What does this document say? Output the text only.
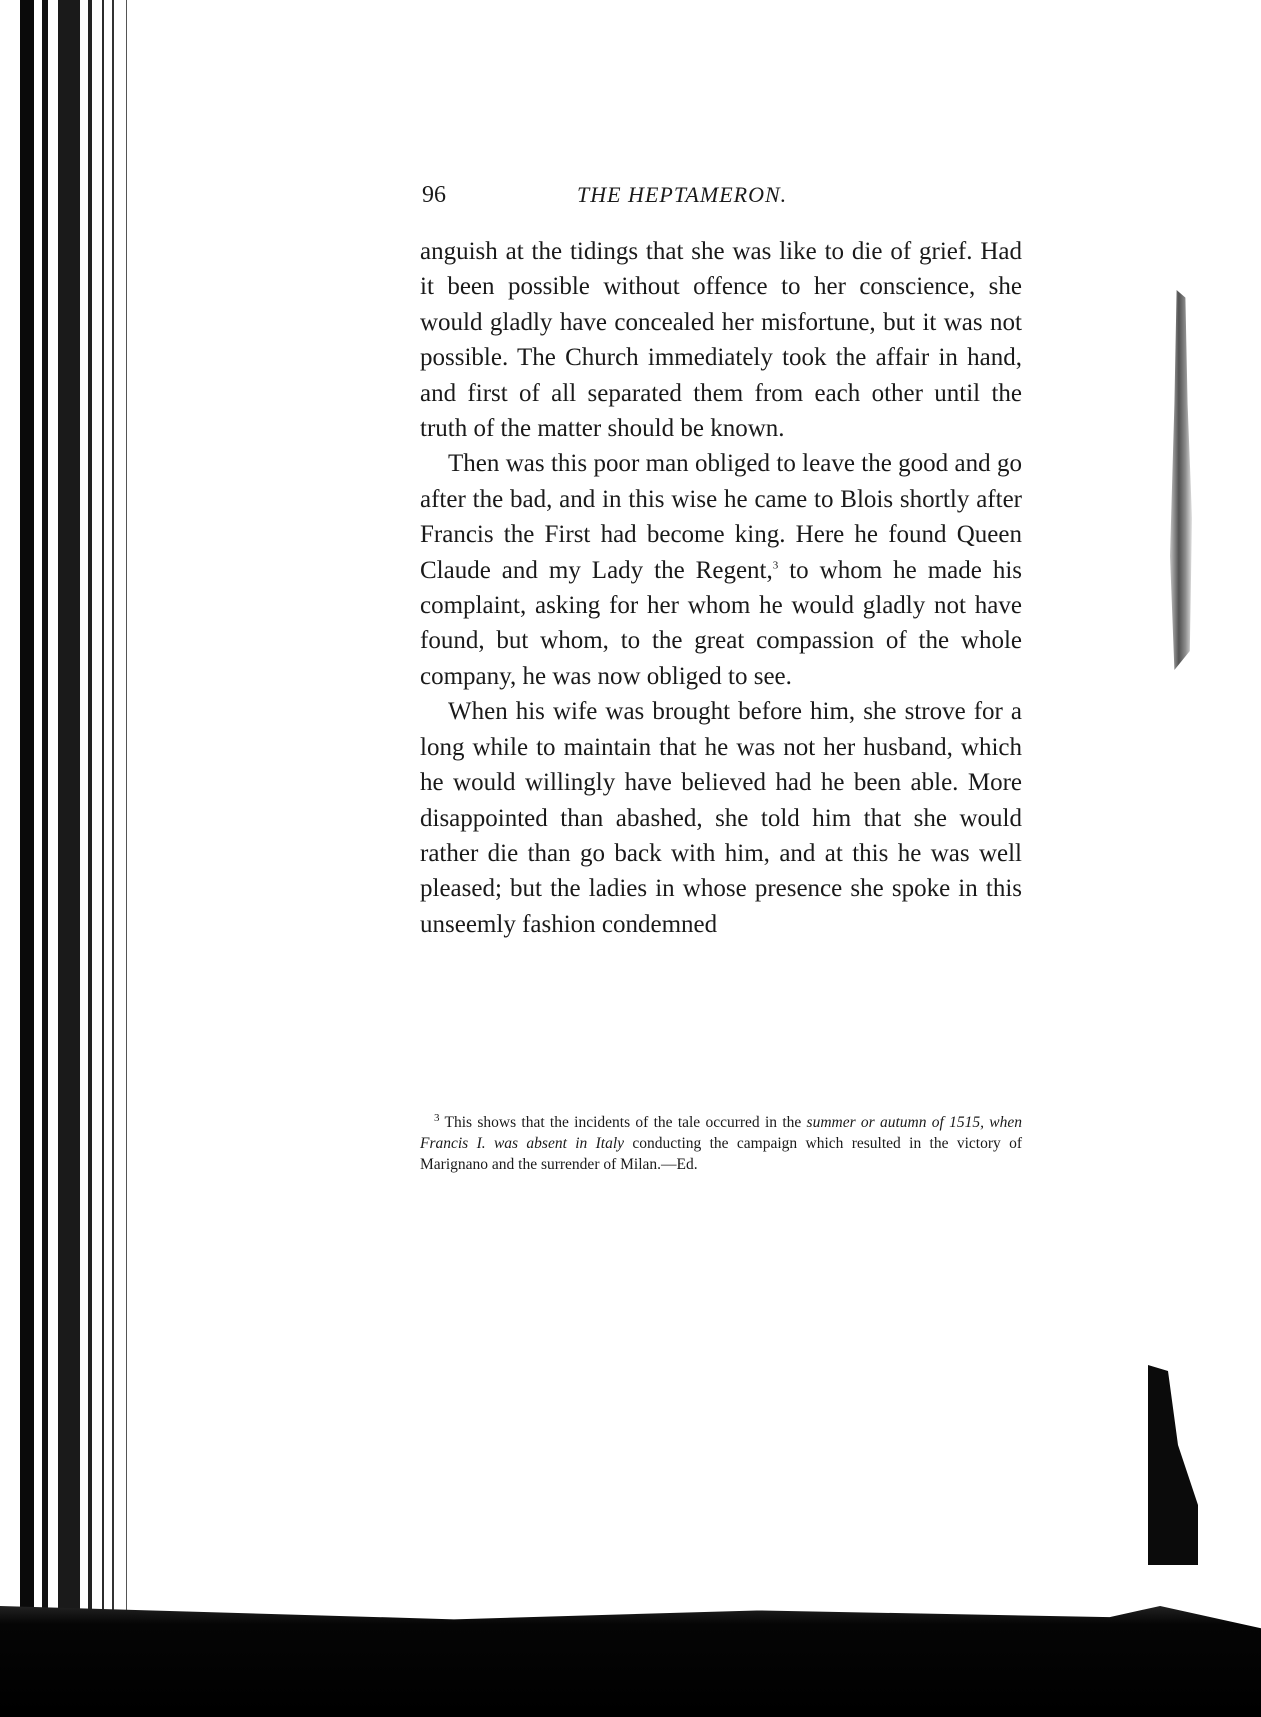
96	THE HEPTAMERON.

anguish at the tidings that she was like to die of grief. Had it been possible without offence to her conscience, she would gladly have concealed her misfortune, but it was not possible. The Church immediately took the affair in hand, and first of all separated them from each other until the truth of the matter should be known.

Then was this poor man obliged to leave the good and go after the bad, and in this wise he came to Blois shortly after Francis the First had become king. Here he found Queen Claude and my Lady the Regent,$^3$ to whom he made his complaint, asking for her whom he would gladly not have found, but whom, to the great compassion of the whole company, he was now obliged to see.

When his wife was brought before him, she strove for a long while to maintain that he was not her husband, which he would willingly have believed had he been able. More disappointed than abashed, she told him that she would rather die than go back with him, and at this he was well pleased; but the ladies in whose presence she spoke in this unseemly fashion condemned

$^3$ This shows that the incidents of the tale occurred in the summer or autumn of 1515, when Francis I. was absent in Italy conducting the campaign which resulted in the victory of Marignano and the surrender of Milan.—Ed.
